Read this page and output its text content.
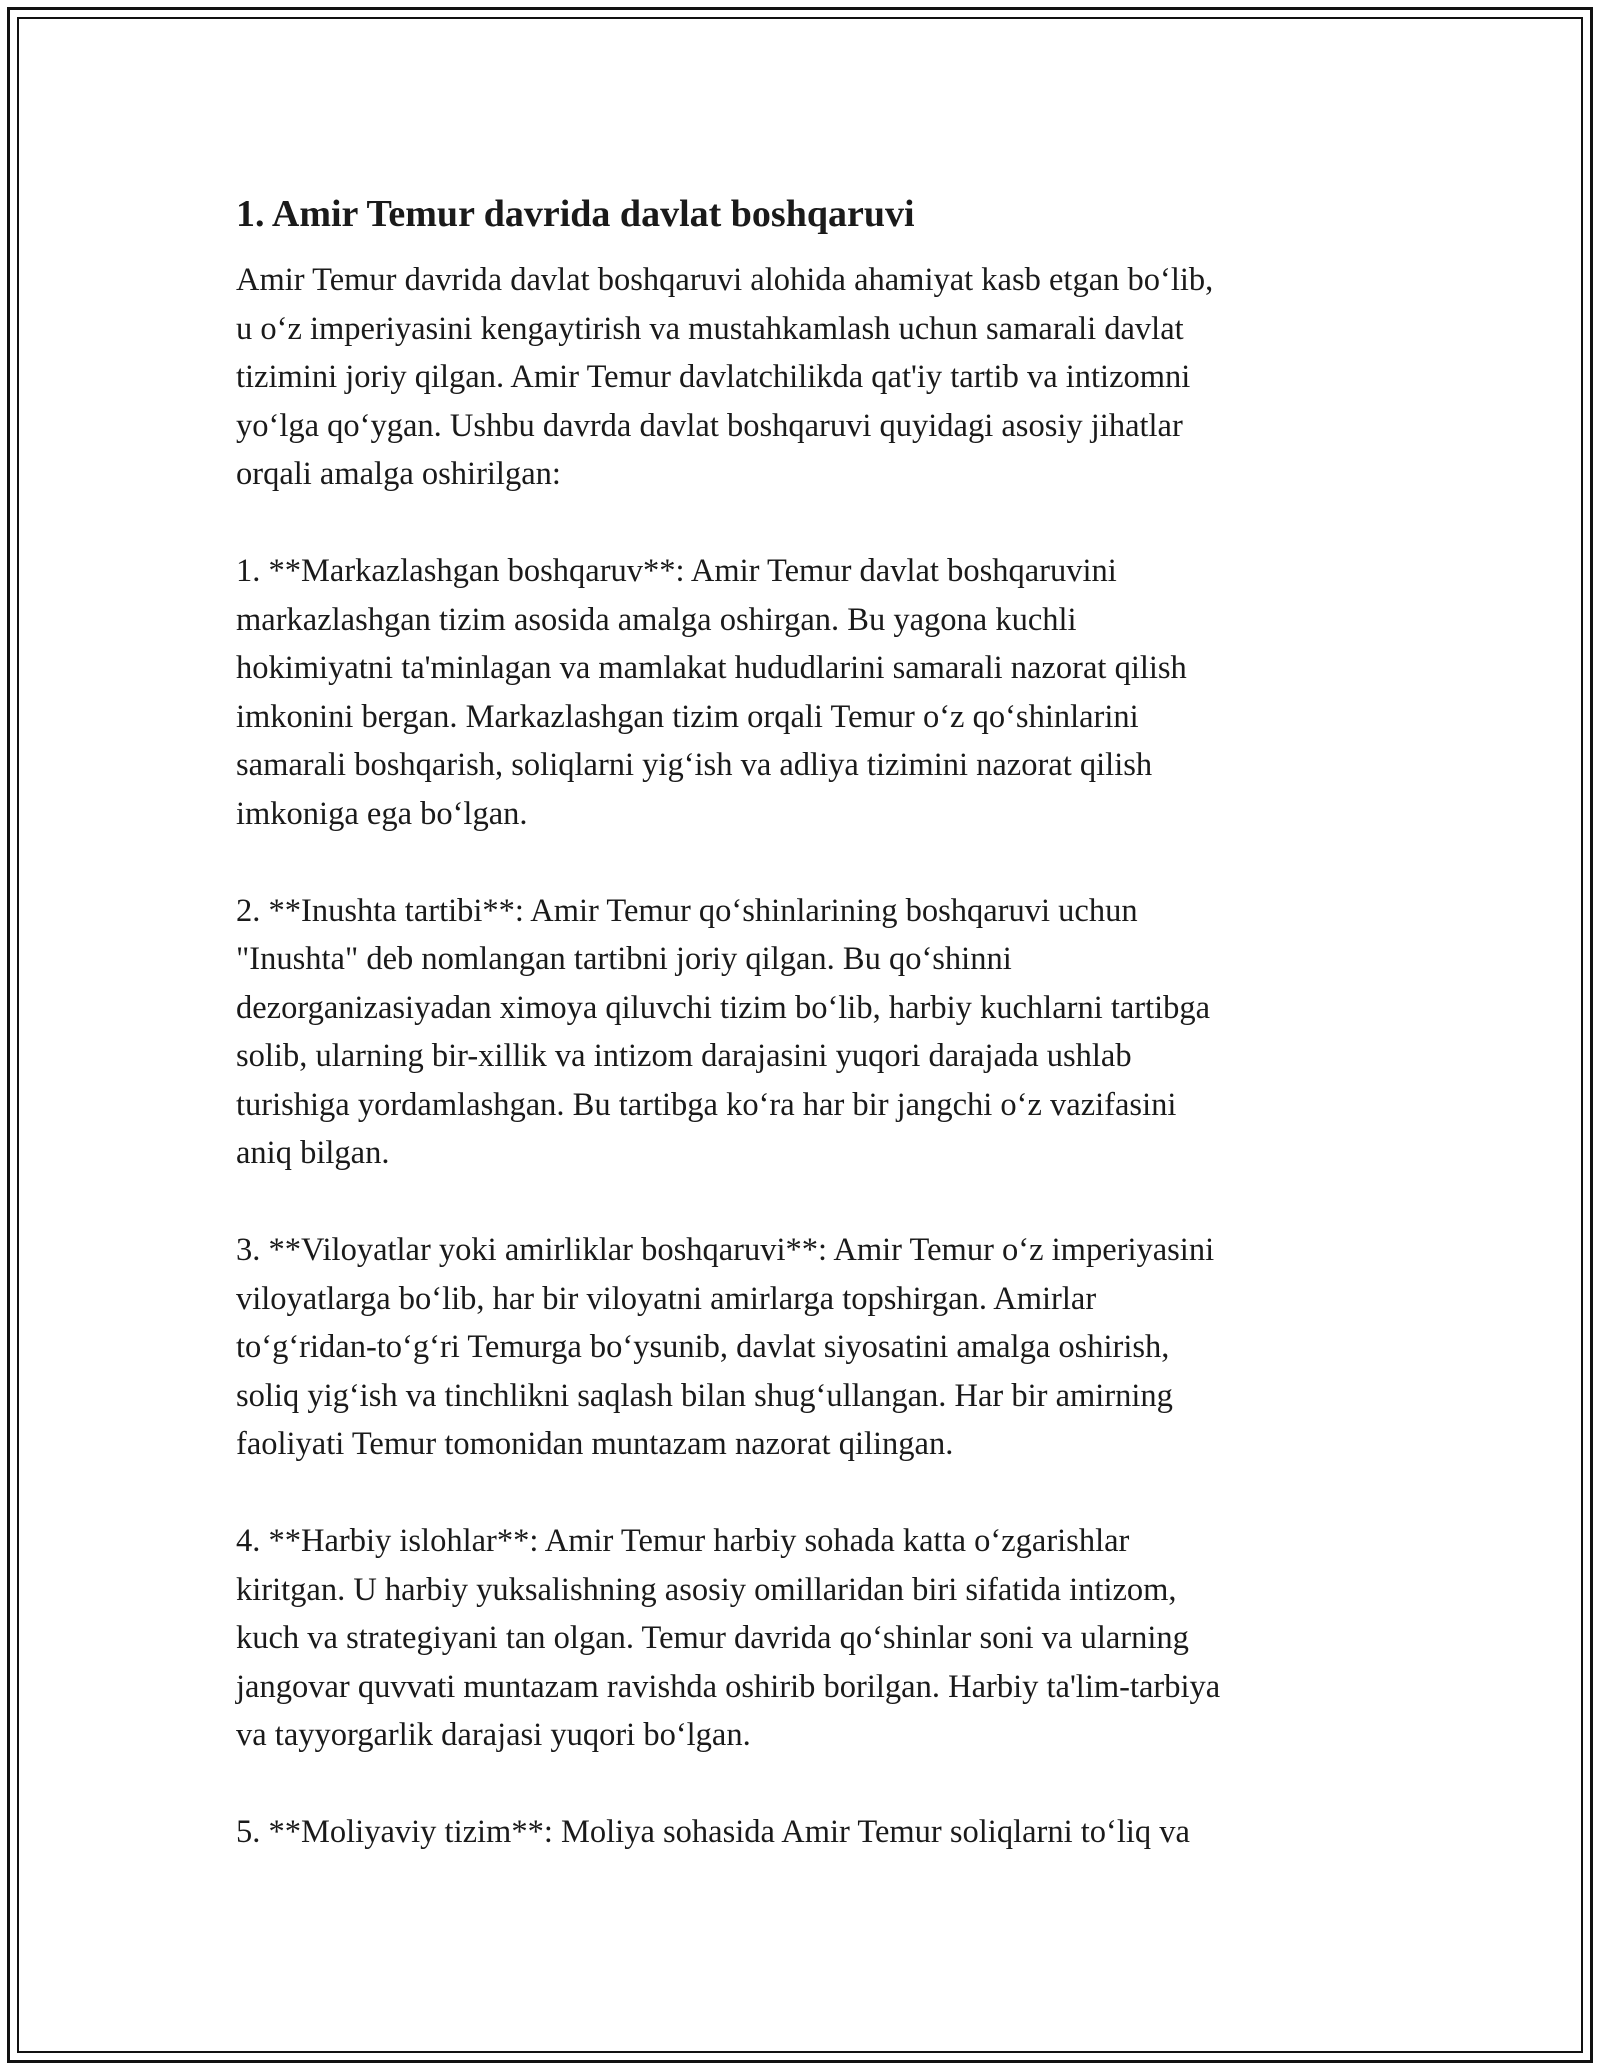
1. Amir Temur davrida davlat boshqaruvi

Amir Temur davrida davlat boshqaruvi alohida ahamiyat kasb etgan bo‘lib,
u o‘z imperiyasini kengaytirish va mustahkamlash uchun samarali davlat
tizimini joriy qilgan. Amir Temur davlatchilikda qat'iy tartib va intizomni
yo‘lga qo‘ygan. Ushbu davrda davlat boshqaruvi quyidagi asosiy jihatlar
orqali amalga oshirilgan:

1. **Markazlashgan boshqaruv**: Amir Temur davlat boshqaruvini
markazlashgan tizim asosida amalga oshirgan. Bu yagona kuchli
hokimiyatni ta'minlagan va mamlakat hududlarini samarali nazorat qilish
imkonini bergan. Markazlashgan tizim orqali Temur o‘z qo‘shinlarini
samarali boshqarish, soliqlarni yig‘ish va adliya tizimini nazorat qilish
imkoniga ega bo‘lgan.

2. **Inushta tartibi**: Amir Temur qo‘shinlarining boshqaruvi uchun
"Inushta" deb nomlangan tartibni joriy qilgan. Bu qo‘shinni
dezorganizasiyadan ximoya qiluvchi tizim bo‘lib, harbiy kuchlarni tartibga
solib, ularning bir-xillik va intizom darajasini yuqori darajada ushlab
turishiga yordamlashgan. Bu tartibga ko‘ra har bir jangchi o‘z vazifasini
aniq bilgan.

3. **Viloyatlar yoki amirliklar boshqaruvi**: Amir Temur o‘z imperiyasini
viloyatlarga bo‘lib, har bir viloyatni amirlarga topshirgan. Amirlar
to‘g‘ridan-to‘g‘ri Temurga bo‘ysunib, davlat siyosatini amalga oshirish,
soliq yig‘ish va tinchlikni saqlash bilan shug‘ullangan. Har bir amirning
faoliyati Temur tomonidan muntazam nazorat qilingan.

4. **Harbiy islohlar**: Amir Temur harbiy sohada katta o‘zgarishlar
kiritgan. U harbiy yuksalishning asosiy omillaridan biri sifatida intizom,
kuch va strategiyani tan olgan. Temur davrida qo‘shinlar soni va ularning
jangovar quvvati muntazam ravishda oshirib borilgan. Harbiy ta'lim-tarbiya
va tayyorgarlik darajasi yuqori bo‘lgan.

5. **Moliyaviy tizim**: Moliya sohasida Amir Temur soliqlarni to‘liq va
